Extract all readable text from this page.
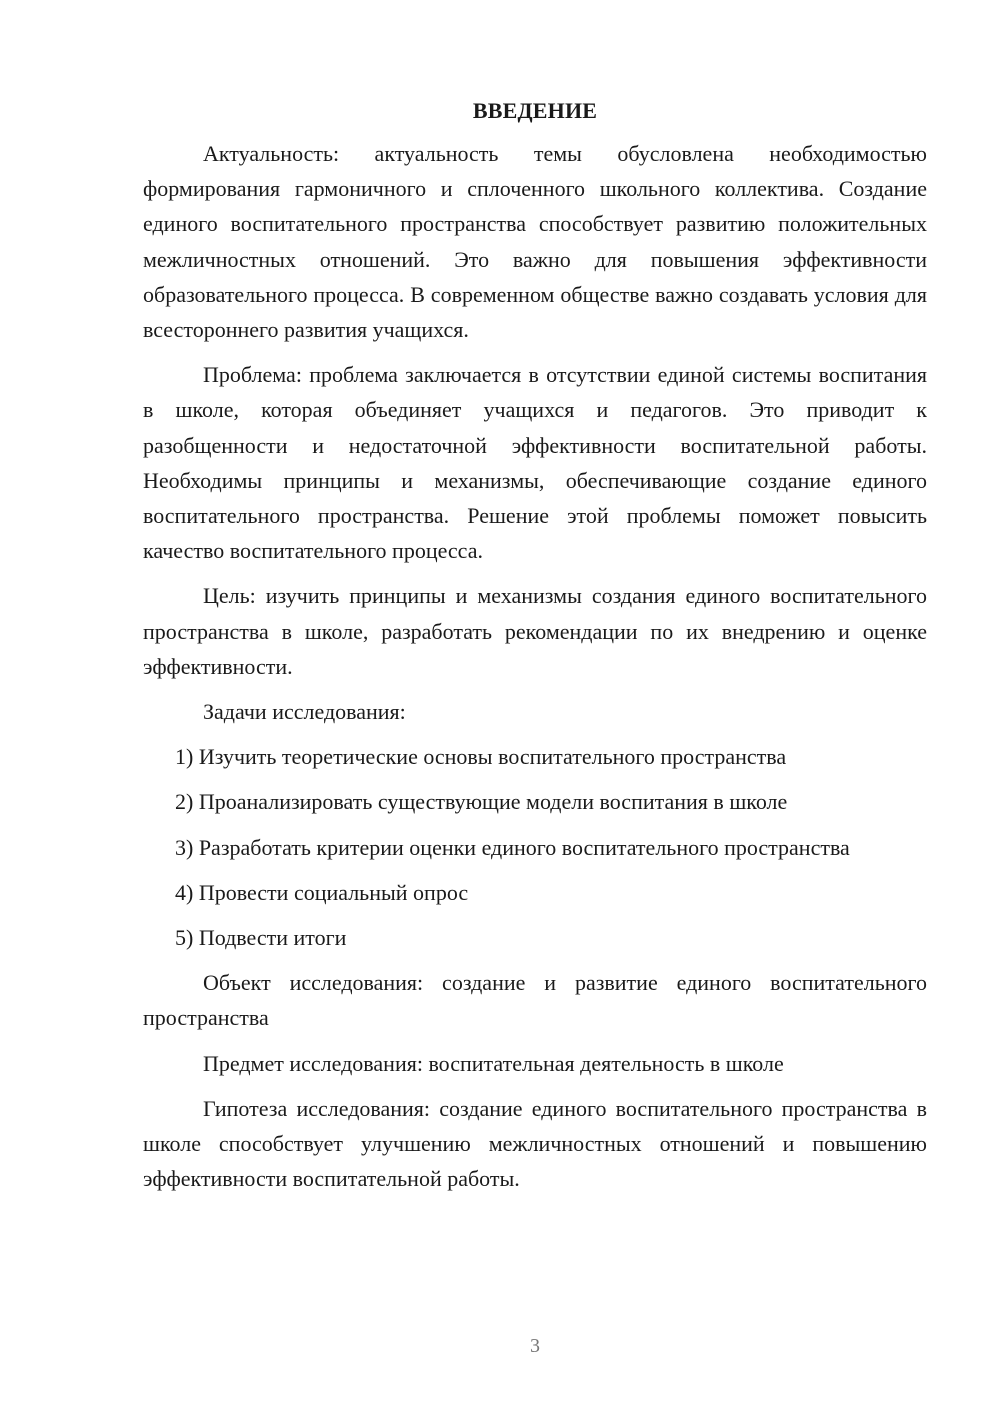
ВВЕДЕНИЕ
Актуальность: актуальность темы обусловлена необходимостью формирования гармоничного и сплоченного школьного коллектива. Создание единого воспитательного пространства способствует развитию положительных межличностных отношений. Это важно для повышения эффективности образовательного процесса. В современном обществе важно создавать условия для всестороннего развития учащихся.
Проблема: проблема заключается в отсутствии единой системы воспитания в школе, которая объединяет учащихся и педагогов. Это приводит к разобщенности и недостаточной эффективности воспитательной работы. Необходимы принципы и механизмы, обеспечивающие создание единого воспитательного пространства. Решение этой проблемы поможет повысить качество воспитательного процесса.
Цель: изучить принципы и механизмы создания единого воспитательного пространства в школе, разработать рекомендации по их внедрению и оценке эффективности.
Задачи исследования:
1) Изучить теоретические основы воспитательного пространства
2) Проанализировать существующие модели воспитания в школе
3) Разработать критерии оценки единого воспитательного пространства
4) Провести социальный опрос
5) Подвести итоги
Объект исследования: создание и развитие единого воспитательного пространства
Предмет исследования: воспитательная деятельность в школе
Гипотеза исследования: создание единого воспитательного пространства в школе способствует улучшению межличностных отношений и повышению эффективности воспитательной работы.
3
